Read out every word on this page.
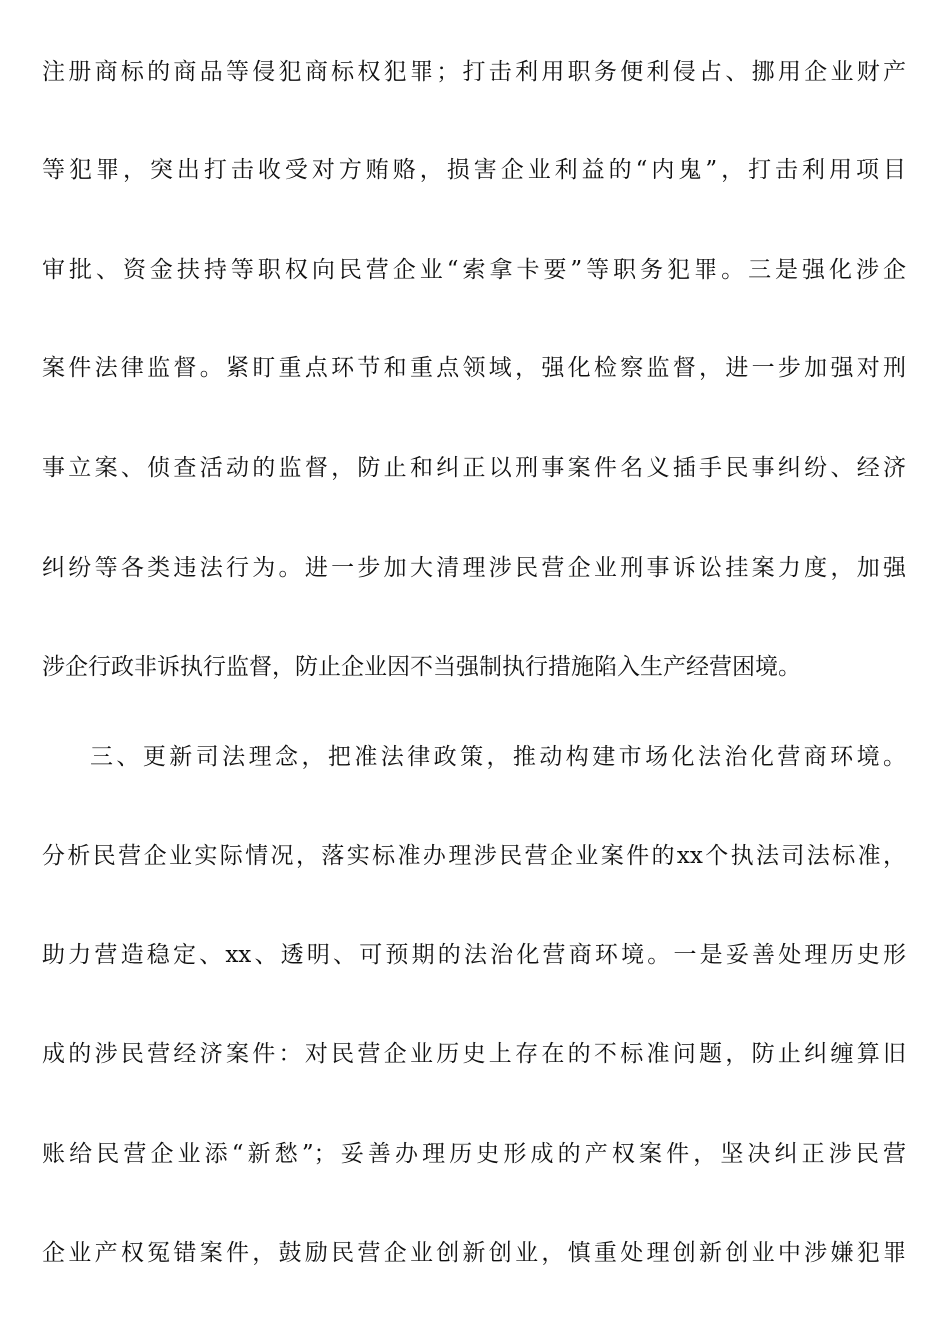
注册商标的商品等侵犯商标权犯罪；打击利用职务便利侵占、挪用企业财产
等犯罪，突出打击收受对方贿赂，损害企业利益的“内鬼”，打击利用项目
审批、资金扶持等职权向民营企业“索拿卡要”等职务犯罪。三是强化涉企
案件法律监督。紧盯重点环节和重点领域，强化检察监督，进一步加强对刑
事立案、侦查活动的监督，防止和纠正以刑事案件名义插手民事纠纷、经济
纠纷等各类违法行为。进一步加大清理涉民营企业刑事诉讼挂案力度，加强
涉企行政非诉执行监督，防止企业因不当强制执行措施陷入生产经营困境。
三、更新司法理念，把准法律政策，推动构建市场化法治化营商环境。
分析民营企业实际情况，落实标准办理涉民营企业案件的xx个执法司法标准，
助力营造稳定、xx、透明、可预期的法治化营商环境。一是妥善处理历史形
成的涉民营经济案件：对民营企业历史上存在的不标准问题，防止纠缠算旧
账给民营企业添“新愁”；妥善办理历史形成的产权案件，坚决纠正涉民营
企业产权冤错案件，鼓励民营企业创新创业，慎重处理创新创业中涉嫌犯罪
